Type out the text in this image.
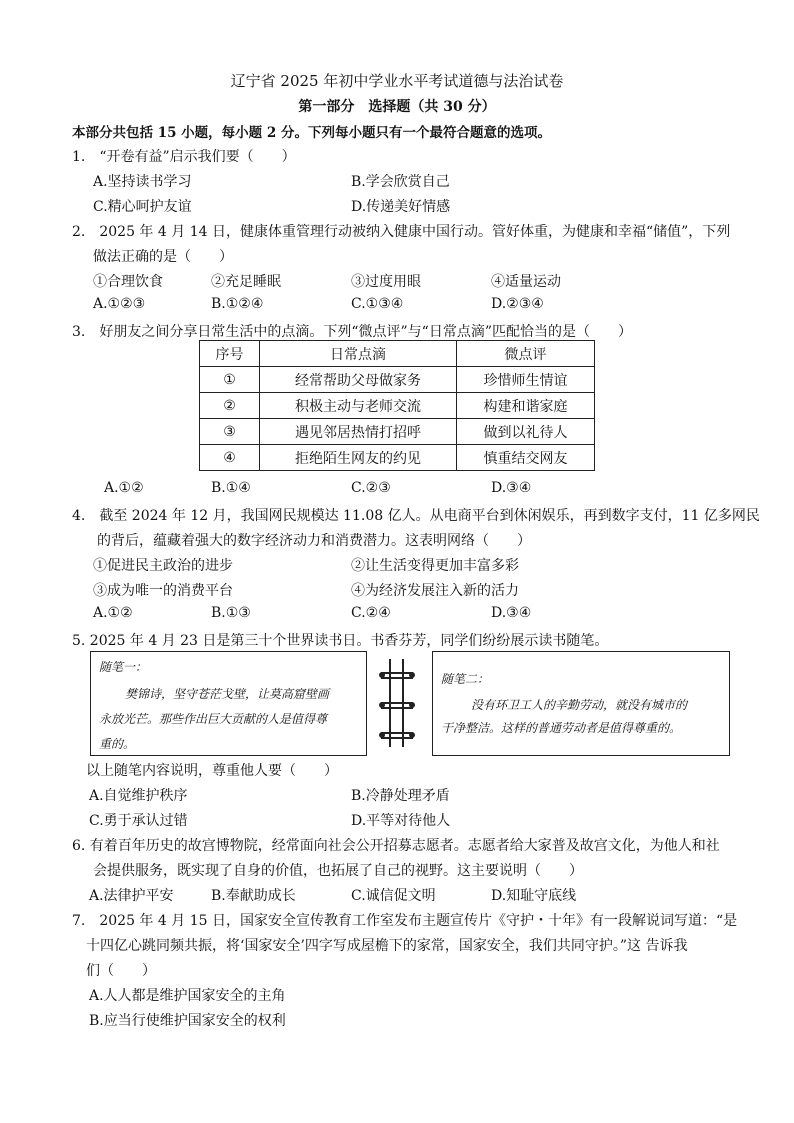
辽宁省 2025 年初中学业水平考试道德与法治试卷
第一部分　选择题（共 30 分）
本部分共包括 15 小题，每小题 2 分。下列每小题只有一个最符合题意的选项。
1.　“开卷有益”启示我们要（　　）
A.坚持读书学习	B.学会欣赏自己
C.精心呵护友谊	D.传递美好情感
2.　2025 年 4 月 14 日，健康体重管理行动被纳入健康中国行动。管好体重，为健康和幸福“储值”，下列
做法正确的是（　　）
①合理饮食	②充足睡眠	③过度用眼	④适量运动
A.①②③	B.①②④	C.①③④	D.②③④
3.　好朋友之间分享日常生活中的点滴。下列“微点评”与“日常点滴”匹配恰当的是（　　）
序号	日常点滴	微点评
①	经常帮助父母做家务	珍惜师生情谊
②	积极主动与老师交流	构建和谐家庭
③	遇见邻居热情打招呼	做到以礼待人
④	拒绝陌生网友的约见	慎重结交网友
A.①②	B.①④	C.②③	D.③④
4.　截至 2024 年 12 月，我国网民规模达 11.08 亿人。从电商平台到休闲娱乐，再到数字支付，11 亿多网民
的背后，蕴藏着强大的数字经济动力和消费潜力。这表明网络（　　）
①促进民主政治的进步	②让生活变得更加丰富多彩
③成为唯一的消费平台	④为经济发展注入新的活力
A.①②	B.①③	C.②④	D.③④
5. 2025 年 4 月 23 日是第三十个世界读书日。书香芬芳，同学们纷纷展示读书随笔。
随笔一：
樊锦诗，坚守苍茫戈壁，让莫高窟壁画
永放光芒。那些作出巨大贡献的人是值得尊
重的。
随笔二：
没有环卫工人的辛勤劳动，就没有城市的
干净整洁。这样的普通劳动者是值得尊重的。
以上随笔内容说明，尊重他人要（　　）
A.自觉维护秩序	B.冷静处理矛盾
C.勇于承认过错	D.平等对待他人
6. 有着百年历史的故宫博物院，经常面向社会公开招募志愿者。志愿者给大家普及故宫文化，为他人和社
会提供服务，既实现了自身的价值，也拓展了自己的视野。这主要说明（　　）
A.法律护平安	B.奉献助成长	C.诚信促文明	D.知耻守底线
7.　2025 年 4 月 15 日，国家安全宣传教育工作室发布主题宣传片《守护・十年》有一段解说词写道：“是
十四亿心跳同频共振，将‘国家安全’四字写成屋檐下的家常，国家安全，我们共同守护。”这 告诉我
们（　　）
A.人人都是维护国家安全的主角
B.应当行使维护国家安全的权利
